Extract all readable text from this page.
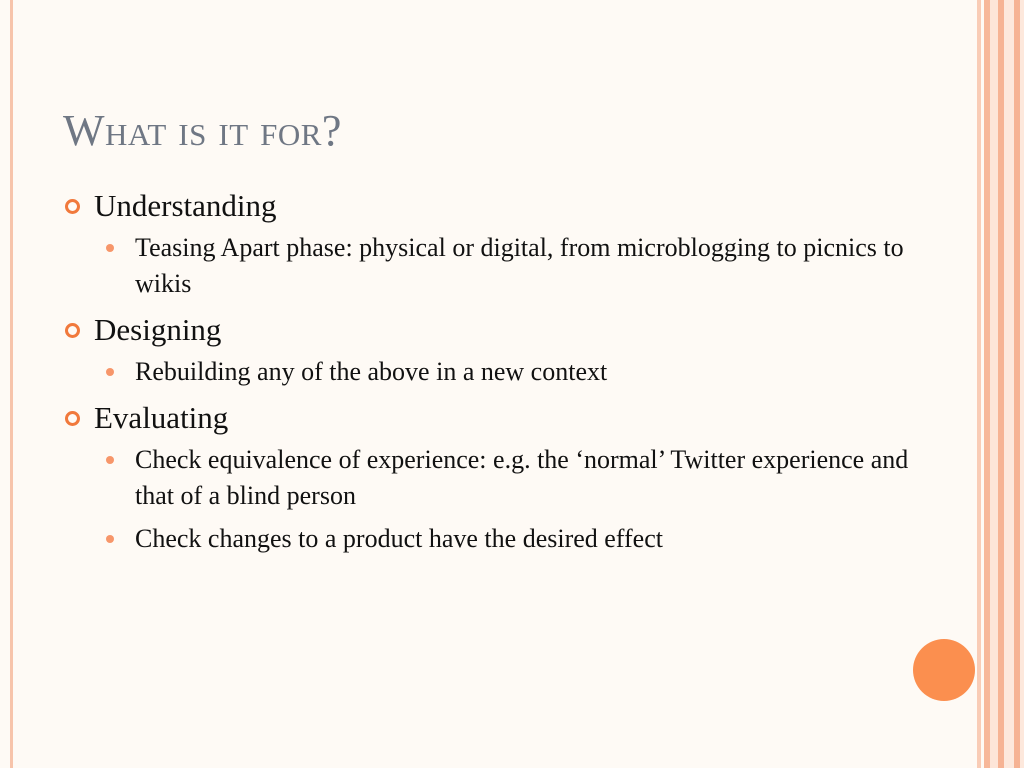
What is it for?

Understanding

Teasing Apart phase: physical or digital, from microblogging to picnics to wikis

Designing

Rebuilding any of the above in a new context

Evaluating

Check equivalence of experience: e.g. the ‘normal’ Twitter experience and that of a blind person

Check changes to a product have the desired effect
